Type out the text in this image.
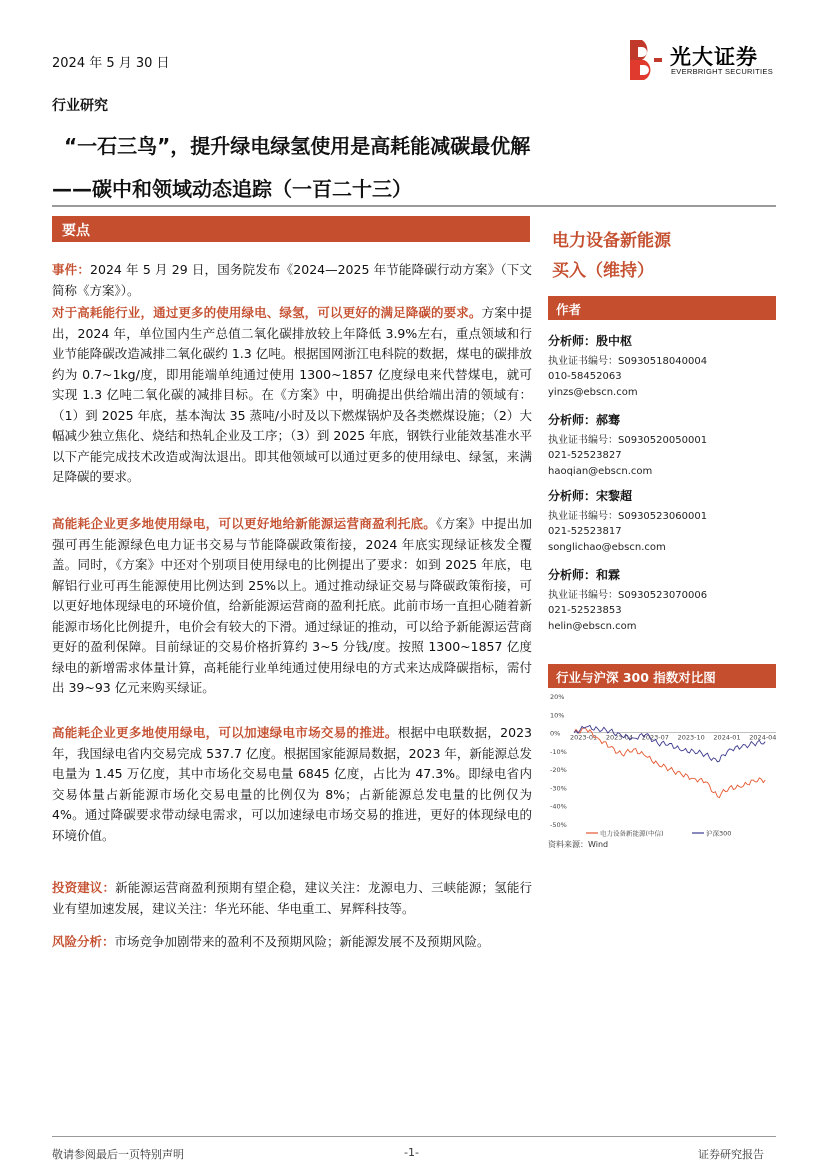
2024 年 5 月 30 日	光大证券
EVERBRIGHT SECURITIES
行业研究
“一石三鸟”，提升绿电绿氢使用是高耗能减碳最优解
——碳中和领域动态追踪（一百二十三）
要点
事件：2024 年 5 月 29 日，国务院发布《2024—2025 年节能降碳行动方案》（下文简称《方案》）。
对于高耗能行业，通过更多的使用绿电、绿氢，可以更好的满足降碳的要求。方案中提出，2024 年，单位国内生产总值二氧化碳排放较上年降低 3.9%左右，重点领域和行业节能降碳改造减排二氧化碳约 1.3 亿吨。根据国网浙江电科院的数据，煤电的碳排放约为 0.7~1kg/度，即用能端单纯通过使用 1300~1857 亿度绿电来代替煤电，就可实现 1.3 亿吨二氧化碳的减排目标。在《方案》中，明确提出供给端出清的领域有：（1）到 2025 年底，基本淘汰 35 蒸吨/小时及以下燃煤锅炉及各类燃煤设施；（2）大幅减少独立焦化、烧结和热轧企业及工序；（3）到 2025 年底，钢铁行业能效基准水平以下产能完成技术改造或淘汰退出。即其他领域可以通过更多的使用绿电、绿氢，来满足降碳的要求。
高能耗企业更多地使用绿电，可以更好地给新能源运营商盈利托底。《方案》中提出加强可再生能源绿色电力证书交易与节能降碳政策衔接，2024 年底实现绿证核发全覆盖。同时，《方案》中还对个别项目使用绿电的比例提出了要求：如到 2025 年底，电解铝行业可再生能源使用比例达到 25%以上。通过推动绿证交易与降碳政策衔接，可以更好地体现绿电的环境价值，给新能源运营商的盈利托底。此前市场一直担心随着新能源市场化比例提升，电价会有较大的下滑。通过绿证的推动，可以给予新能源运营商更好的盈利保障。目前绿证的交易价格折算约 3~5 分钱/度。按照 1300~1857 亿度绿电的新增需求体量计算，高耗能行业单纯通过使用绿电的方式来达成降碳指标，需付出 39~93 亿元来购买绿证。
高能耗企业更多地使用绿电，可以加速绿电市场交易的推进。根据中电联数据，2023 年，我国绿电省内交易完成 537.7 亿度。根据国家能源局数据，2023 年，新能源总发电量为 1.45 万亿度，其中市场化交易电量 6845 亿度，占比为 47.3%。即绿电省内交易体量占新能源市场化交易电量的比例仅为 8%；占新能源总发电量的比例仅为 4%。通过降碳要求带动绿电需求，可以加速绿电市场交易的推进，更好的体现绿电的环境价值。
投资建议：新能源运营商盈利预期有望企稳，建议关注：龙源电力、三峡能源；氢能行业有望加速发展，建议关注：华光环能、华电重工、昇辉科技等。
风险分析：市场竞争加剧带来的盈利不及预期风险；新能源发展不及预期风险。
电力设备新能源
买入（维持）
作者
分析师：殷中枢
执业证书编号：S0930518040004
010-58452063
yinzs@ebscn.com
分析师：郝骞
执业证书编号：S0930520050001
021-52523827
haoqian@ebscn.com
分析师：宋黎超
执业证书编号：S0930523060001
021-52523817
songlichao@ebscn.com
分析师：和霖
执业证书编号：S0930523070006
021-52523853
helin@ebscn.com
行业与沪深 300 指数对比图
20%
10%
0%
-10%
-20%
-30%
-40%
-50%
2023-01 2023-04 2023-07 2023-10 2024-01 2024-04
电力设备新能源(中信)	沪深300
资料来源：Wind
敬请参阅最后一页特别声明	-1-	证券研究报告
